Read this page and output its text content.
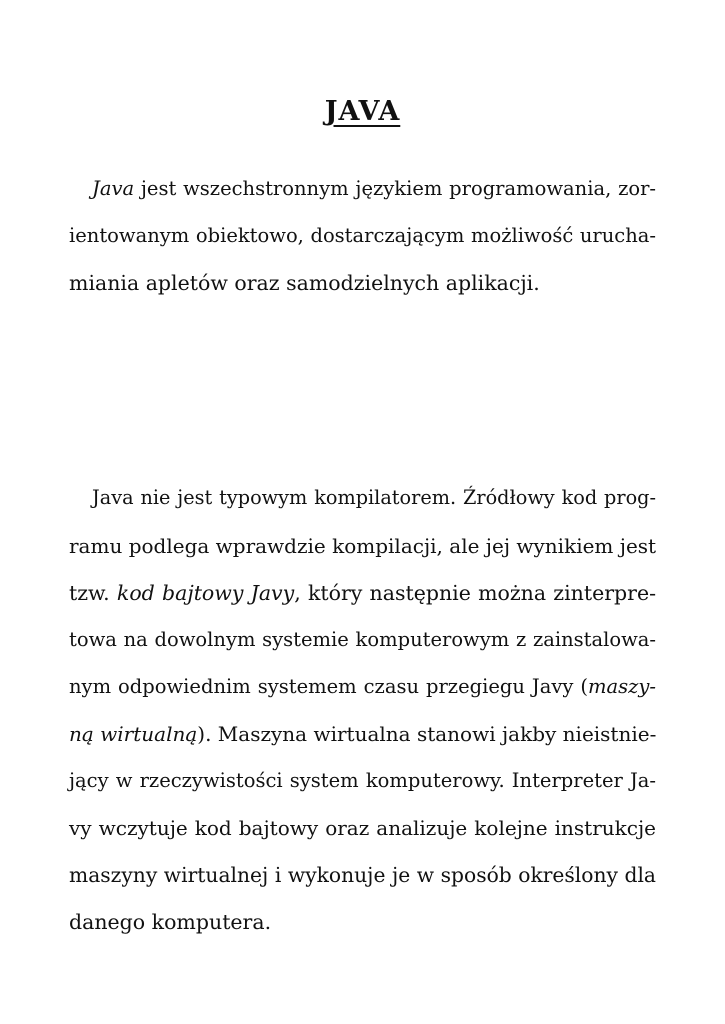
JAVA
Java jest wszechstronnym językiem programowania, zor-
ientowanym obiektowo, dostarczającym możliwość urucha-
miania apletów oraz samodzielnych aplikacji.
Java nie jest typowym kompilatorem. Źródłowy kod prog-
ramu podlega wprawdzie kompilacji, ale jej wynikiem jest
tzw. kod bajtowy Javy, który następnie można zinterpre-
towa na dowolnym systemie komputerowym z zainstalowa-
nym odpowiednim systemem czasu przegiegu Javy (maszy-
ną wirtualną). Maszyna wirtualna stanowi jakby nieistnie-
jący w rzeczywistości system komputerowy. Interpreter Ja-
vy wczytuje kod bajtowy oraz analizuje kolejne instrukcje
maszyny wirtualnej i wykonuje je w sposób określony dla
danego komputera.
